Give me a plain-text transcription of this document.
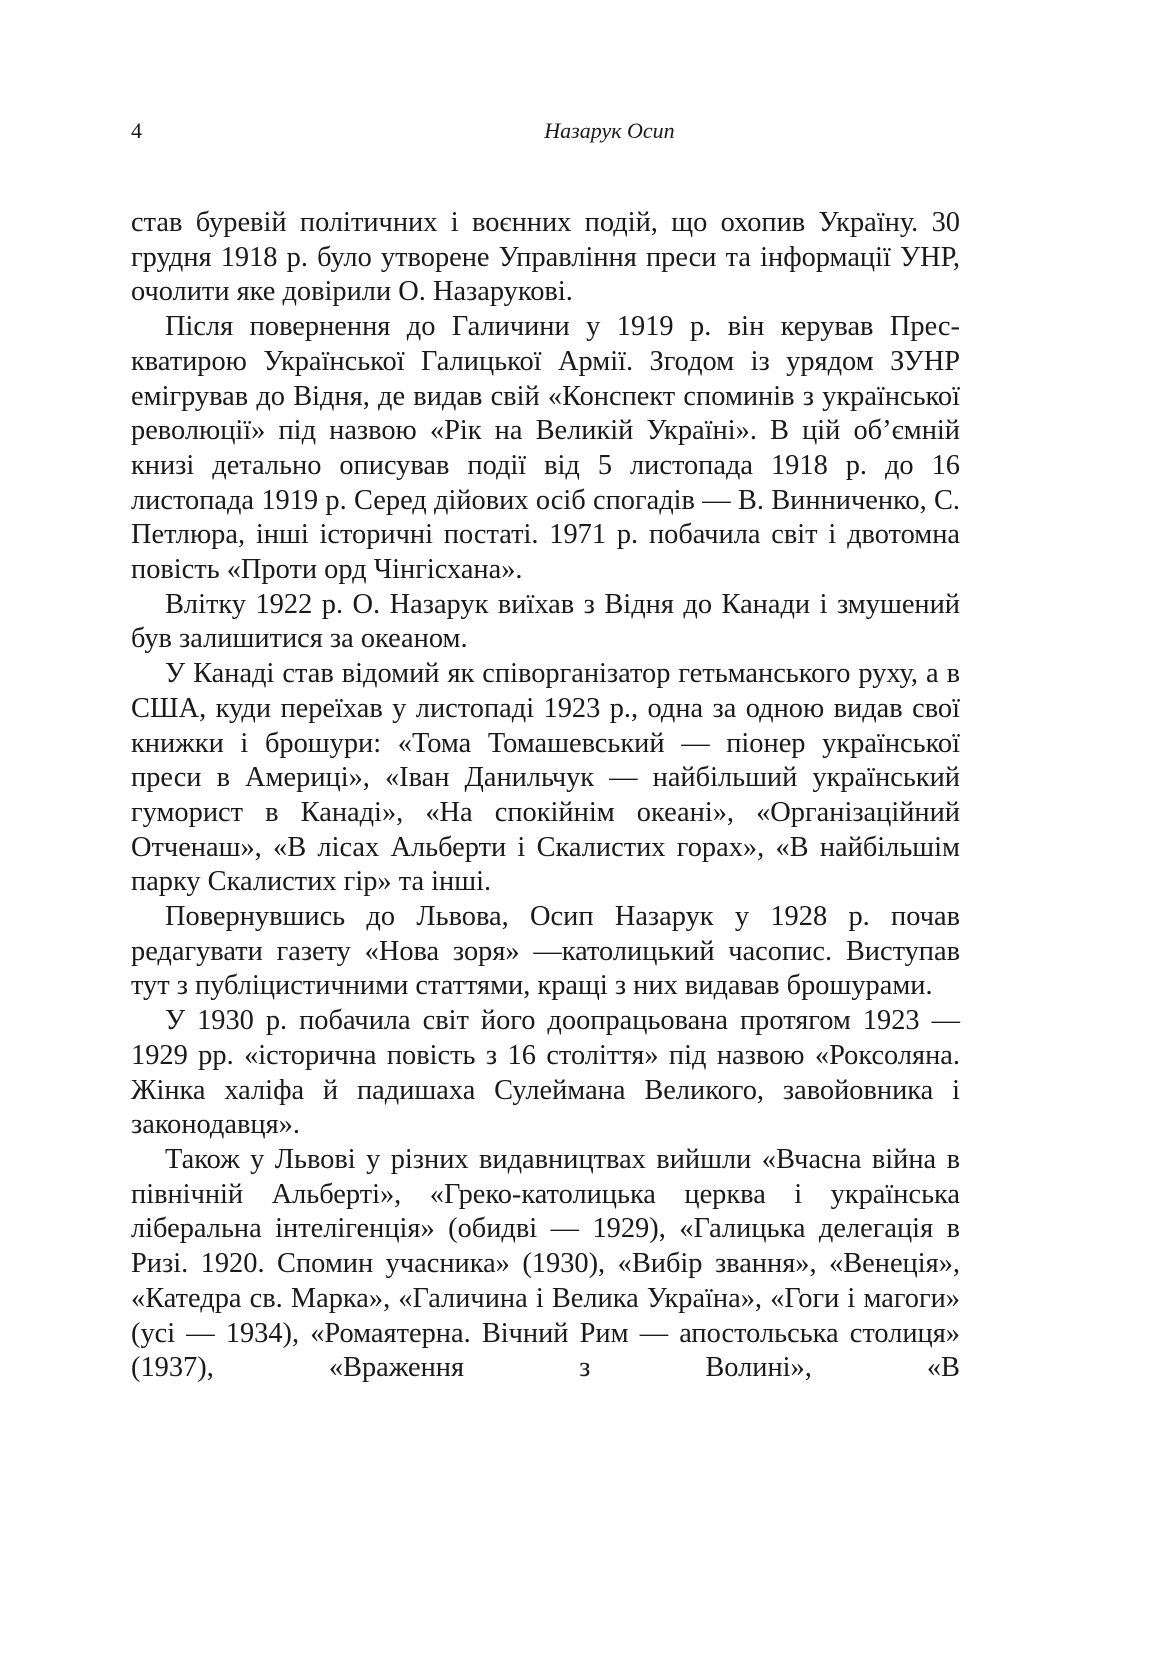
4	Назарук Осип

став буревій політичних і воєнних подій, що охопив Україну. 30 грудня 1918 р. було утворене Управління преси та інформації УНР, очолити яке довірили О. Назарукові.

Після повернення до Галичини у 1919 р. він керував Прес-кватирою Української Галицької Армії. Згодом із урядом ЗУНР емігрував до Відня, де видав свій «Конспект споминів з української революції» під назвою «Рік на Великій Україні». В цій об’ємній книзі детально описував події від 5 листопада 1918 р. до 16 листопада 1919 р. Серед дійових осіб спогадів — В. Винниченко, С. Петлюра, інші історичні постаті. 1971 р. побачила світ і двотомна повість «Проти орд Чінгісхана».

Влітку 1922 р. О. Назарук виїхав з Відня до Канади і змушений був залишитися за океаном.

У Канаді став відомий як співорганізатор гетьманського руху, а в США, куди переїхав у листопаді 1923 р., одна за одною видав свої книжки і брошури: «Тома Томашевський — піонер української преси в Америці», «Іван Данильчук — найбільший український гуморист в Канаді», «На спокійнім океані», «Організаційний Отченаш», «В лісах Альберти і Скалистих горах», «В найбільшім парку Скалистих гір» та інші.

Повернувшись до Львова, Осип Назарук у 1928 р. почав редагувати газету «Нова зоря» —католицький часопис. Виступав тут з публіцистичними статтями, кращі з них видавав брошурами.

У 1930 р. побачила світ його доопрацьована протягом 1923 — 1929 рр. «історична повість з 16 століття» під назвою «Роксоляна. Жінка халіфа й падишаха Сулеймана Великого, завойовника і законодавця».

Також у Львові у різних видавництвах вийшли «Вчасна війна в північній Альберті», «Греко-католицька церква і українська ліберальна інтелігенція» (обидві — 1929), «Галицька делегація в Ризі. 1920. Спомин учасника» (1930), «Вибір звання», «Венеція», «Катедра св. Марка», «Галичина і Велика Україна», «Гоги і магоги» (усі — 1934), «Ромаятерна. Вічний Рим — апостольська столиця» (1937), «Враження з Волині», «В
